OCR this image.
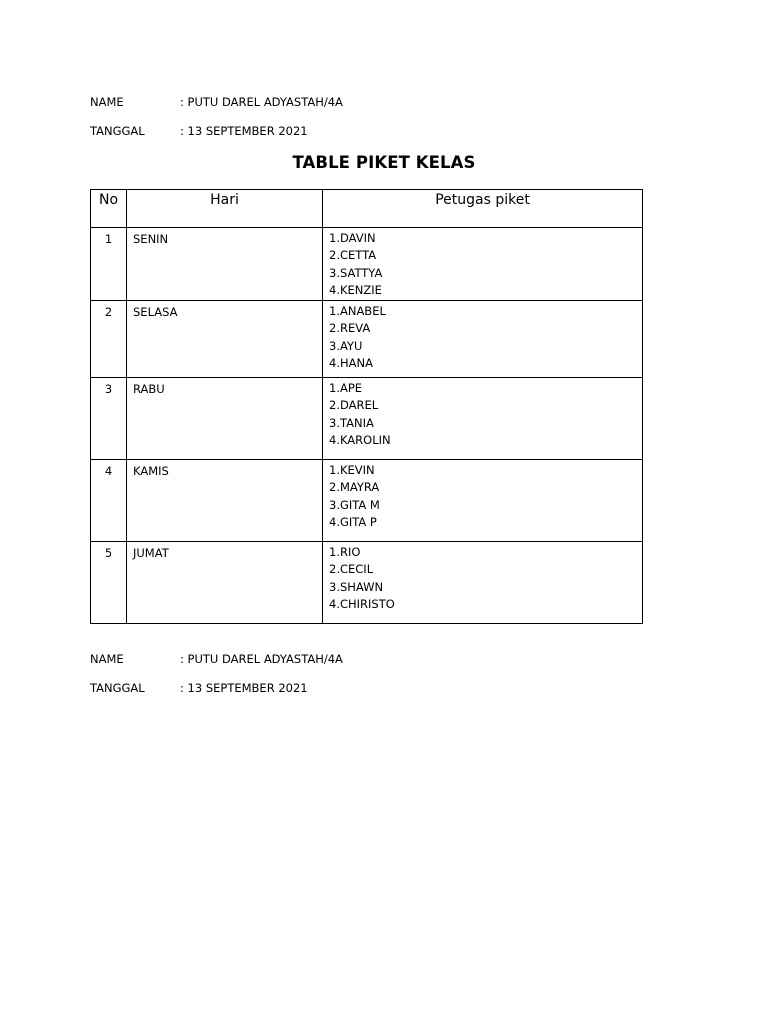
NAME	: PUTU DAREL ADYASTAH/4A
TANGGAL	: 13 SEPTEMBER 2021
TABLE PIKET KELAS
No	Hari	Petugas piket
1	SENIN	1.DAVIN
2.CETTA
3.SATTYA
4.KENZIE

2	SELASA	1.ANABEL
2.REVA
3.AYU
4.HANA

3	RABU	1.APE
2.DAREL
3.TANIA
4.KAROLIN

4	KAMIS	1.KEVIN
2.MAYRA
3.GITA M
4.GITA P

5	JUMAT	1.RIO
2.CECIL
3.SHAWN
4.CHIRISTO
NAME	: PUTU DAREL ADYASTAH/4A
TANGGAL	: 13 SEPTEMBER 2021
